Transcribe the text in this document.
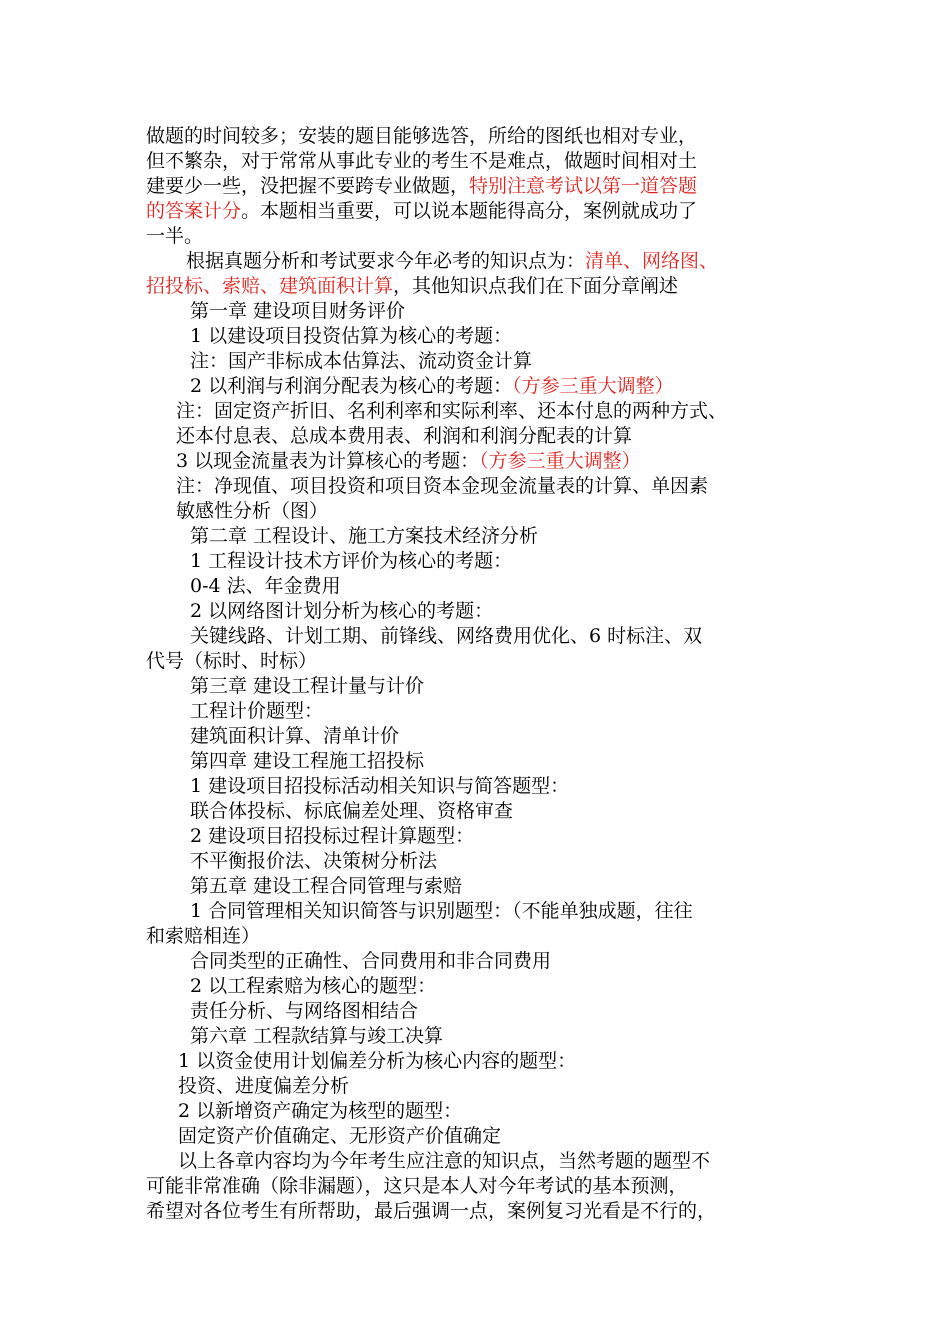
做题的时间较多；安装的题目能够选答，所给的图纸也相对专业，
但不繁杂，对于常常从事此专业的考生不是难点，做题时间相对土
建要少一些，没把握不要跨专业做题，特别注意考试以第一道答题
的答案计分。本题相当重要，可以说本题能得高分，案例就成功了
一半。
根据真题分析和考试要求今年必考的知识点为：清单、网络图、
招投标、索赔、建筑面积计算，其他知识点我们在下面分章阐述
第一章 建设项目财务评价
1 以建设项目投资估算为核心的考题：
注：国产非标成本估算法、流动资金计算
2 以利润与利润分配表为核心的考题：（方参三重大调整）
注：固定资产折旧、名利利率和实际利率、还本付息的两种方式、
还本付息表、总成本费用表、利润和利润分配表的计算
3 以现金流量表为计算核心的考题：（方参三重大调整）
注：净现值、项目投资和项目资本金现金流量表的计算、单因素
敏感性分析（图）
第二章 工程设计、施工方案技术经济分析
1 工程设计技术方评价为核心的考题：
0-4 法、年金费用
2 以网络图计划分析为核心的考题：
关键线路、计划工期、前锋线、网络费用优化、6 时标注、双
代号（标时、时标）
第三章 建设工程计量与计价
工程计价题型：
建筑面积计算、清单计价
第四章 建设工程施工招投标
1 建设项目招投标活动相关知识与简答题型：
联合体投标、标底偏差处理、资格审查
2 建设项目招投标过程计算题型：
不平衡报价法、决策树分析法
第五章 建设工程合同管理与索赔
1 合同管理相关知识简答与识别题型：（不能单独成题，往往
和索赔相连）
合同类型的正确性、合同费用和非合同费用
2 以工程索赔为核心的题型：
责任分析、与网络图相结合
第六章 工程款结算与竣工决算
1 以资金使用计划偏差分析为核心内容的题型：
投资、进度偏差分析
2 以新增资产确定为核型的题型：
固定资产价值确定、无形资产价值确定
以上各章内容均为今年考生应注意的知识点，当然考题的题型不
可能非常准确（除非漏题），这只是本人对今年考试的基本预测，
希望对各位考生有所帮助，最后强调一点，案例复习光看是不行的，
